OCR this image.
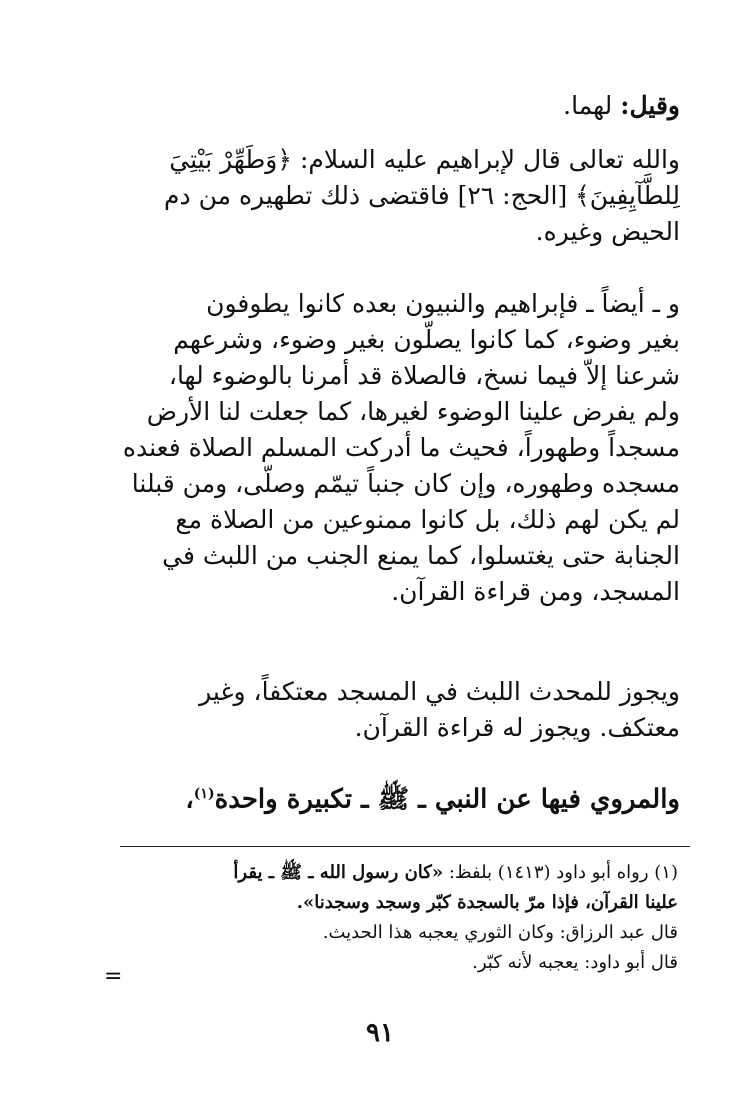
وقيل: لهما.
والله تعالى قال لإبراهيم عليه السلام: ﴿وَطَهِّرْ بَيْتِيَ
لِلطَّآيِفِينَ﴾ [الحج: ٢٦] فاقتضى ذلك تطهيره من دم
الحيض وغيره.
و ـ أيضاً ـ فإبراهيم والنبيون بعده كانوا يطوفون
بغير وضوء، كما كانوا يصلّون بغير وضوء، وشرعهم
شرعنا إلاّ فيما نسخ، فالصلاة قد أمرنا بالوضوء لها،
ولم يفرض علينا الوضوء لغيرها، كما جعلت لنا الأرض
مسجداً وطهوراً، فحيث ما أدركت المسلم الصلاة فعنده
مسجده وطهوره، وإن كان جنباً تيمّم وصلّى، ومن قبلنا
لم يكن لهم ذلك، بل كانوا ممنوعين من الصلاة مع
الجنابة حتى يغتسلوا، كما يمنع الجنب من اللبث في
المسجد، ومن قراءة القرآن.
ويجوز للمحدث اللبث في المسجد معتكفاً، وغير
معتكف. ويجوز له قراءة القرآن.
والمروي فيها عن النبي ـ ﷺ ـ تكبيرة واحدة$^{(١)}$،
(١) رواه أبو داود (١٤١٣) بلفظ: «كان رسول الله ـ ﷺ ـ يقرأ
علينا القرآن، فإذا مرّ بالسجدة كبّر وسجد وسجدنا».
قال عبد الرزاق: وكان الثوري يعجبه هذا الحديث.
قال أبو داود: يعجبه لأنه كبّر.
=
٩١
